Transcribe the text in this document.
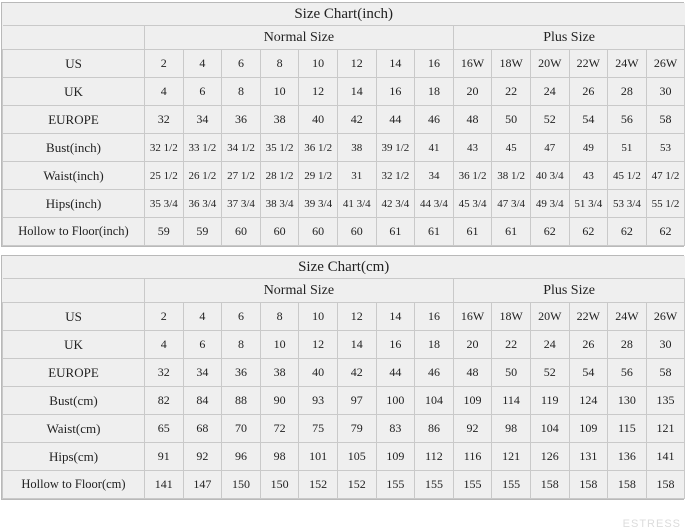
Size Chart(inch)														
	Normal Size								Plus Size					
US	2	4	6	8	10	12	14	16	16W	18W	20W	22W	24W	26W
UK	4	6	8	10	12	14	16	18	20	22	24	26	28	30
EUROPE	32	34	36	38	40	42	44	46	48	50	52	54	56	58
Bust(inch)	32 1/2	33 1/2	34 1/2	35 1/2	36 1/2	38	39 1/2	41	43	45	47	49	51	53
Waist(inch)	25 1/2	26 1/2	27 1/2	28 1/2	29 1/2	31	32 1/2	34	36 1/2	38 1/2	40 3/4	43	45 1/2	47 1/2
Hips(inch)	35 3/4	36 3/4	37 3/4	38 3/4	39 3/4	41 3/4	42 3/4	44 3/4	45 3/4	47 3/4	49 3/4	51 3/4	53 3/4	55 1/2
Hollow to Floor(inch)	59	59	60	60	60	60	61	61	61	61	62	62	62	62
Size Chart(cm)														
	Normal Size								Plus Size					
US	2	4	6	8	10	12	14	16	16W	18W	20W	22W	24W	26W
UK	4	6	8	10	12	14	16	18	20	22	24	26	28	30
EUROPE	32	34	36	38	40	42	44	46	48	50	52	54	56	58
Bust(cm)	82	84	88	90	93	97	100	104	109	114	119	124	130	135
Waist(cm)	65	68	70	72	75	79	83	86	92	98	104	109	115	121
Hips(cm)	91	92	96	98	101	105	109	112	116	121	126	131	136	141
Hollow to Floor(cm)	141	147	150	150	152	152	155	155	155	155	158	158	158	158
ESTRESS
